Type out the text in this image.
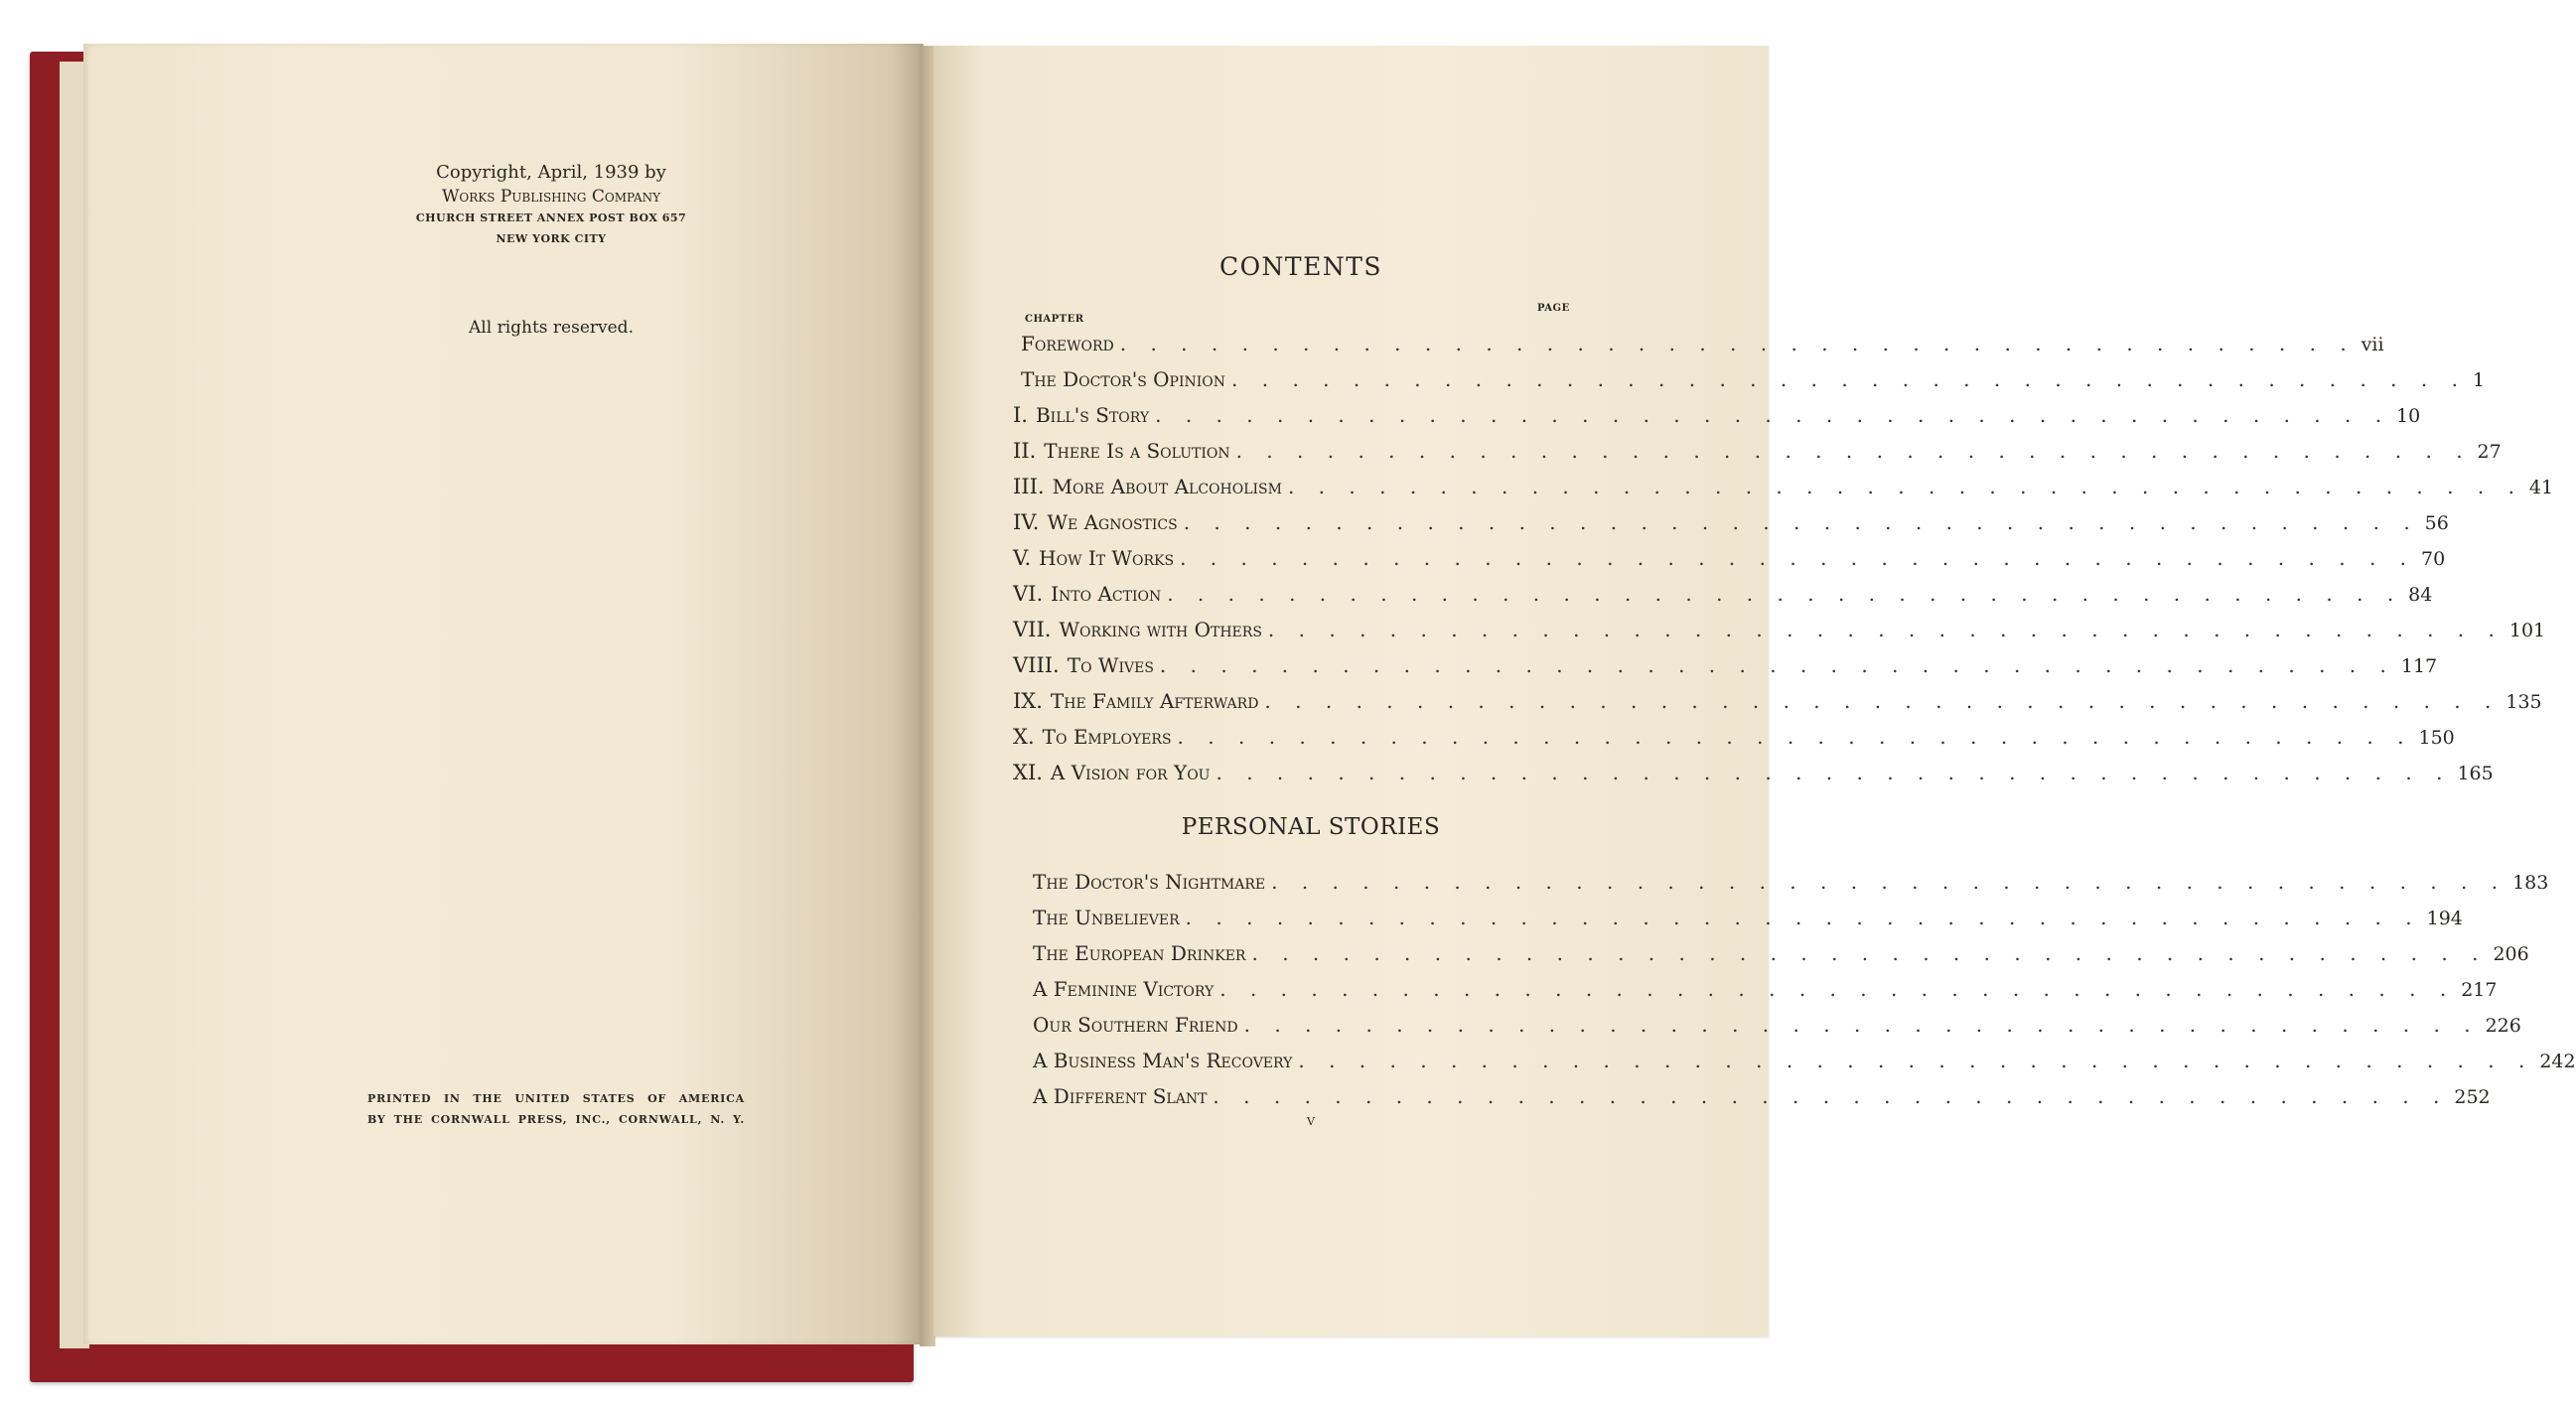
Copyright, April, 1939 by
Works Publishing Company
CHURCH STREET ANNEX POST BOX 657
NEW YORK CITY
All rights reserved.
PRINTED IN THE UNITED STATES OF AMERICA
BY THE CORNWALL PRESS, INC., CORNWALL, N. Y.
CONTENTS
CHAPTER
PAGE
Foreword . . . . . . . . . . . . . . . . . . . . . . . . . . . . . . . . . . . . . . . . . vii
The Doctor's Opinion . . . . . . . . . . . . . . . . . . . . . . . . . . . . . . . . . . . . . . . . . 1
I. Bill's Story . . . . . . . . . . . . . . . . . . . . . . . . . . . . . . . . . . . . . . . . . 10
II. There Is a Solution . . . . . . . . . . . . . . . . . . . . . . . . . . . . . . . . . . . . . . . . . 27
III. More About Alcoholism . . . . . . . . . . . . . . . . . . . . . . . . . . . . . . . . . . . . . . . . . 41
IV. We Agnostics . . . . . . . . . . . . . . . . . . . . . . . . . . . . . . . . . . . . . . . . . 56
V. How It Works . . . . . . . . . . . . . . . . . . . . . . . . . . . . . . . . . . . . . . . . . 70
VI. Into Action . . . . . . . . . . . . . . . . . . . . . . . . . . . . . . . . . . . . . . . . . 84
VII. Working with Others . . . . . . . . . . . . . . . . . . . . . . . . . . . . . . . . . . . . . . . . . 101
VIII. To Wives . . . . . . . . . . . . . . . . . . . . . . . . . . . . . . . . . . . . . . . . . 117
IX. The Family Afterward . . . . . . . . . . . . . . . . . . . . . . . . . . . . . . . . . . . . . . . . . 135
X. To Employers . . . . . . . . . . . . . . . . . . . . . . . . . . . . . . . . . . . . . . . . . 150
XI. A Vision for You . . . . . . . . . . . . . . . . . . . . . . . . . . . . . . . . . . . . . . . . . 165
PERSONAL STORIES
The Doctor's Nightmare . . . . . . . . . . . . . . . . . . . . . . . . . . . . . . . . . . . . . . . . . 183
The Unbeliever . . . . . . . . . . . . . . . . . . . . . . . . . . . . . . . . . . . . . . . . . 194
The European Drinker . . . . . . . . . . . . . . . . . . . . . . . . . . . . . . . . . . . . . . . . . 206
A Feminine Victory . . . . . . . . . . . . . . . . . . . . . . . . . . . . . . . . . . . . . . . . . 217
Our Southern Friend . . . . . . . . . . . . . . . . . . . . . . . . . . . . . . . . . . . . . . . . . 226
A Business Man's Recovery . . . . . . . . . . . . . . . . . . . . . . . . . . . . . . . . . . . . . . . . . 242
A Different Slant . . . . . . . . . . . . . . . . . . . . . . . . . . . . . . . . . . . . . . . . . 252
v
